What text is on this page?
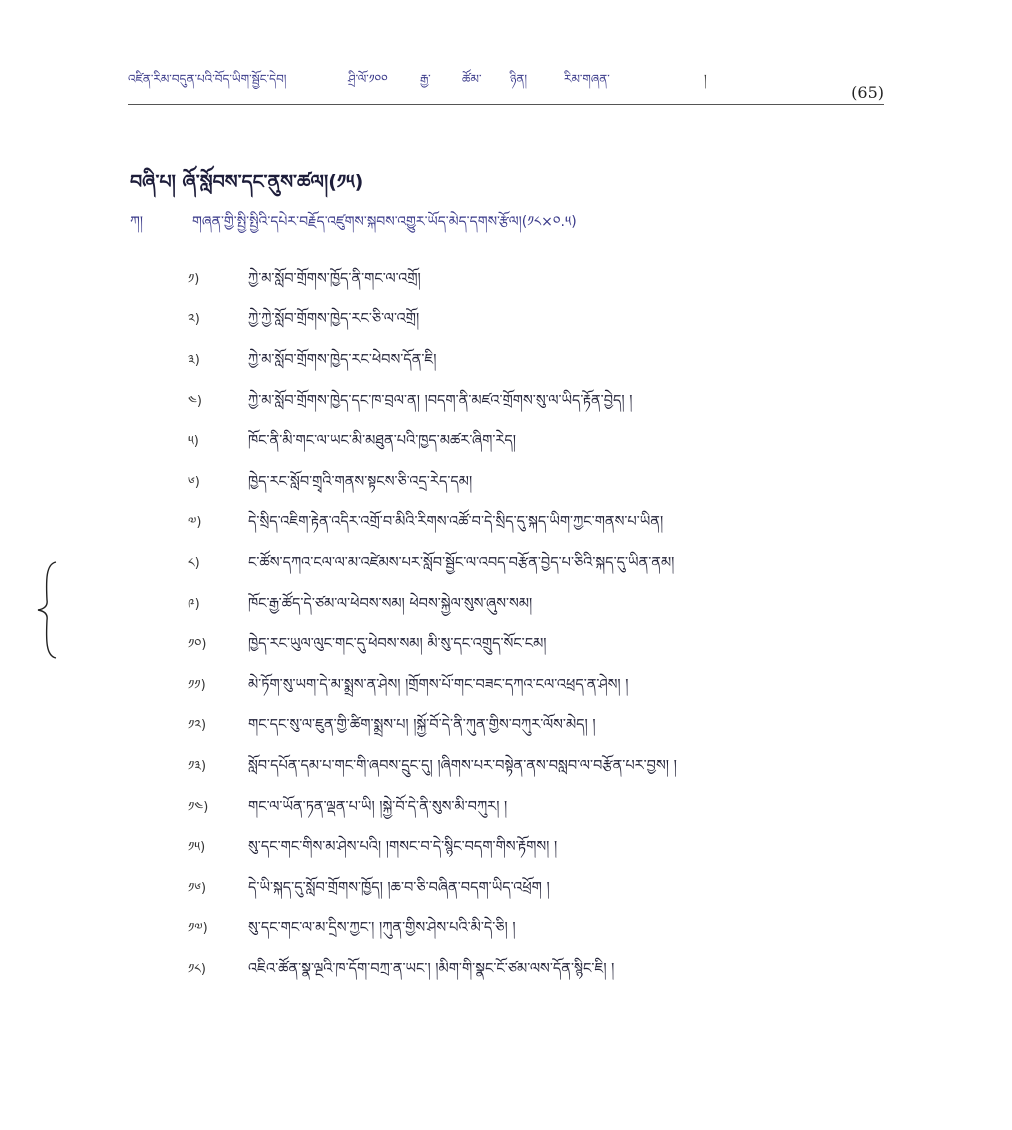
འཛིན་རིམ་བདུན་པའི་བོད་ཡིག་སྦྱོང་དེབ།	ཤྲི་ལོ་༡༠༠	རྒྱ་	ཚོམ་	ཉིན།	རིམ་གཞན་	།
(65)
བཞི་པ། ཞོ་སློབས་དང་ནུས་ཚལ།(༡༥)
ཀ།	གཞན་གྱི་སྤྱི་སྤྱིའི་དཔེར་བརྗོད་འཛུགས་སྐབས་འགྱུར་ཡོད་མེད་དགས་རྩོལ།(༡༨×༠.༥)
༡)	ཀྱེ་མ་སློབ་གྲོགས་ཁྱོད་ནི་གང་ལ་འགྲོ།
༢)	ཀྱེ་ཀྱེ་སློབ་གྲོགས་ཁྱེད་རང་ཅི་ལ་འགྲོ།
༣)	ཀྱེ་མ་སློབ་གྲོགས་ཁྱེད་རང་ཕེབས་དོན་ཇི།
༤)	ཀྱེ་མ་སློབ་གྲོགས་ཁྱེད་དང་ཁ་བྲལ་ན། །བདག་ནི་མཛའ་གྲོགས་སུ་ལ་ཡིད་རྟོན་བྱེད། །
༥)	ཁོང་ནི་མི་གང་ལ་ཡང་མི་མཐུན་པའི་ཁྱད་མཚར་ཞིག་རེད།
༦)	ཁྱེད་རང་སློབ་གྲྭའི་གནས་སྟངས་ཅི་འདྲ་རེད་དམ།
༧)	དེ་སྲིད་འཇིག་རྟེན་འདིར་འགྲོ་བ་མིའི་རིགས་འཚོ་བ་དེ་སྲིད་དུ་སྐད་ཡིག་ཀྱང་གནས་པ་ཡིན།
༨)	ང་ཚོས་དཀའ་ངལ་ལ་མ་འཛེམས་པར་སློབ་སྦྱོང་ལ་འབད་བརྩོན་བྱེད་པ་ཅིའི་སྐད་དུ་ཡིན་ནམ།
༩)	ཁོང་རྒྱ་ཚོད་དེ་ཙམ་ལ་ཕེབས་སམ། ཕེབས་སྐྱེལ་སུས་ཞུས་སམ།
༡༠)	ཁྱེད་རང་ཡུལ་ལུང་གང་དུ་ཕེབས་སམ། མི་སུ་དང་འགྲུད་སོང་ངམ།
༡༡)	མེ་ཏོག་སུ་ཡག་དེ་མ་སྨྲས་ན་ཤེས། །གྲོགས་པོ་གང་བཟང་དཀའ་ངལ་འཕྲད་ན་ཤེས། །
༡༢)	གང་དང་སུ་ལ་ཇུན་གྱི་ཚིག་སྨྲས་པ། །སྐྱོ་བོ་དེ་ནི་ཀུན་གྱིས་བཀུར་ལོས་མེད། །
༡༣)	སློབ་དཔོན་དམ་པ་གང་གི་ཞབས་དྲུང་དུ། །ཞིགས་པར་བསྟེན་ནས་བསླབ་ལ་བརྩོན་པར་བྱས། །
༡༤)	གང་ལ་ཡོན་ཏན་ལྡན་པ་ཡི། །སྐྱེ་བོ་དེ་ནི་སུས་མི་བཀུར། །
༡༥)	སུ་དང་གང་གིས་མ་ཤེས་པའི། །གསང་བ་དེ་སྙིང་བདག་གིས་རྟོགས། །
༡༦)	དེ་ཡི་སྐད་དུ་སློབ་གྲོགས་ཁྱོད། །ཆ་བ་ཅི་བཞིན་བདག་ཡིད་འཕྲོག །
༡༧)	སུ་དང་གང་ལ་མ་དྲིས་ཀྱང་། །ཀུན་གྱིས་ཤེས་པའི་མི་དེ་ཅི། །
༡༨)	འཇིའ་ཚོན་སྣ་ལྔའི་ཁ་དོག་བཀྲ་ན་ཡང་། །མིག་གི་སྣང་ངོ་ཙམ་ལས་དོན་སྙིང་ཇི། །
